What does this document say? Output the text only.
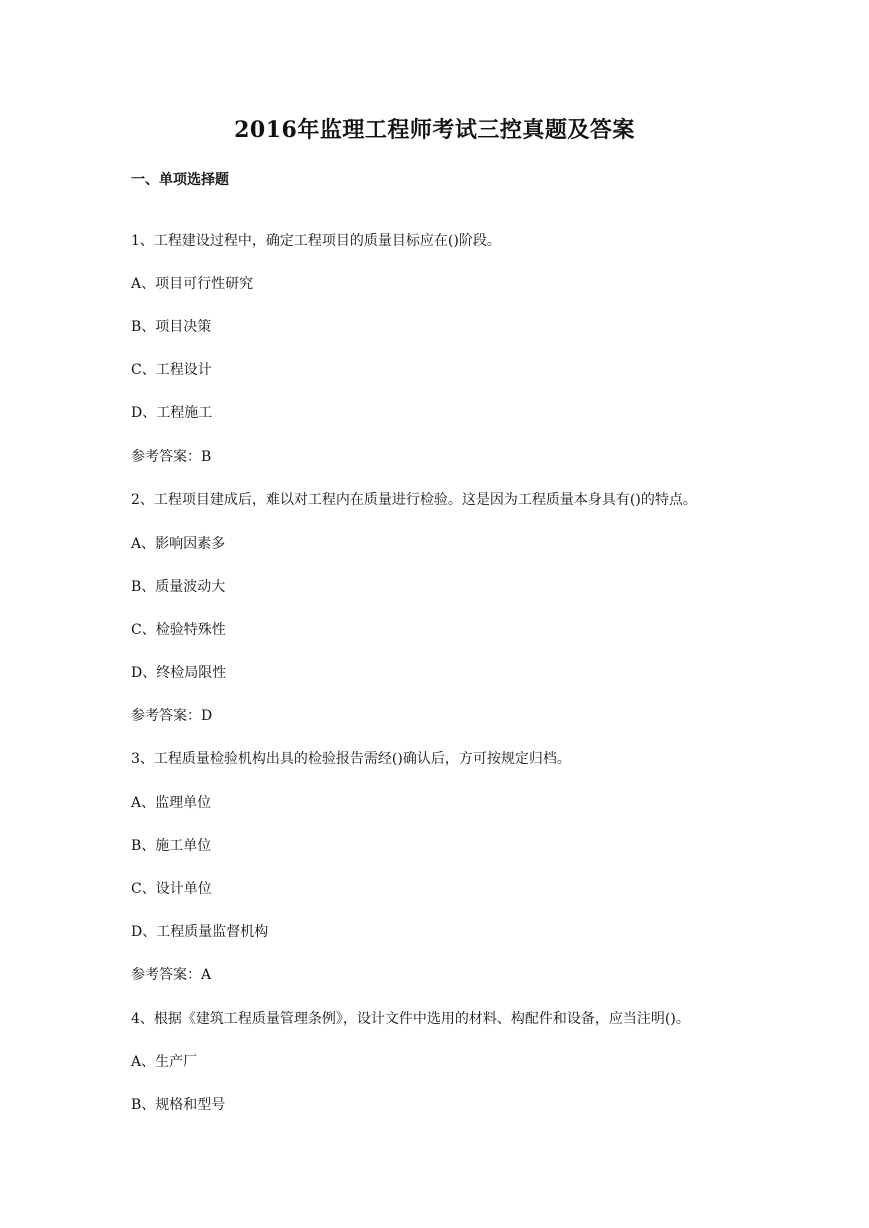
2016年监理工程师考试三控真题及答案
一、单项选择题
1、工程建设过程中，确定工程项目的质量目标应在()阶段。
A、项目可行性研究
B、项目决策
C、工程设计
D、工程施工
参考答案：B
2、工程项目建成后，难以对工程内在质量进行检验。这是因为工程质量本身具有()的特点。
A、影响因素多
B、质量波动大
C、检验特殊性
D、终检局限性
参考答案：D
3、工程质量检验机构出具的检验报告需经()确认后，方可按规定归档。
A、监理单位
B、施工单位
C、设计单位
D、工程质量监督机构
参考答案：A
4、根据《建筑工程质量管理条例》，设计文件中选用的材料、构配件和设备，应当注明()。
A、生产厂
B、规格和型号
